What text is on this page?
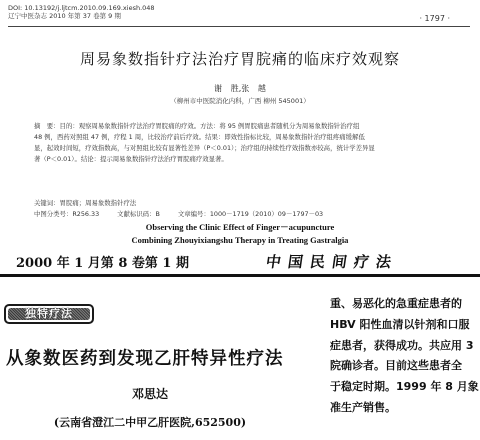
DOI: 10.13192/j.ljtcm.2010.09.169.xiesh.048
辽宁中医杂志 2010 年第 37 卷第 9 期	· 1797 ·
周易象数指针疗法治疗胃脘痛的临床疗效观察
谢 胜,张 越
（柳州市中医院消化内科，广西 柳州 545001）
摘　要：目的：观察周易象数指针疗法治疗胃脘痛的疗效。方法：将 95 例胃脘痛患者随机分为周易象数指针治疗组
48 例，西药对照组 47 例，疗程 1 周，比较治疗前后疗效。结果：即效性指标比较，周易象数指针治疗组疼痛缓解低
显，起效时间短，疗效指数高，与对照组比较有显著性差异（P＜0.01）；治疗组的持续性疗效指数亦较高，统计学差异显
著（P＜0.01）。结论：提示周易象数指针疗法治疗胃脘痛疗效显著。
关键词：胃脘痛；周易象数指针疗法
中图分类号：R256.33	文献标识码：B	文章编号：1000－1719（2010）09－1797－03
Observing the Clinic Effect of Finger－acupuncture
Combining Zhouyixiangshu Therapy in Treating Gastralgia
2000 年 1 月第 8 卷第 1 期	中国民间疗法
独特疗法
从象数医药到发现乙肝特异性疗法
邓思达
(云南省澄江二中甲乙肝医院,652500)
重、易恶化的急重症患者的
HBV 阳性血清以针剂和口服
症患者，获得成功。共应用 3
院确诊者。目前这些患者全
于稳定时期。1999 年 8 月象
准生产销售。
